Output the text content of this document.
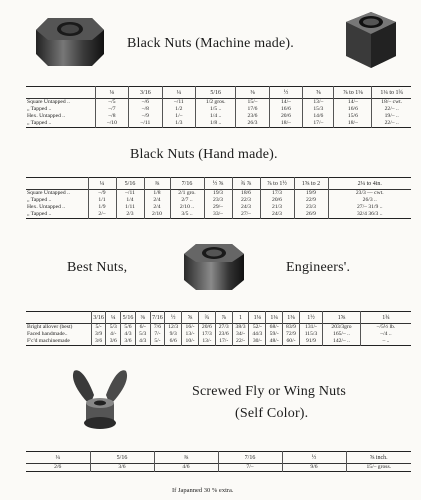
Black Nuts (Machine made).
	⅛	3/16	¼	5/16	⅜	½	⅝	⅞ to 1⅛	1¼ to 1¾
Square Untapped ..	–/5	–/6	–/11	1/2 gros.	15/–	14/–	13/–	14/–	18/– cwt.
„ Tapped ..	–/7	–/8	1/2	1/5 ..	17/6	16/6	15/3	16/6	22/– ..
Hex. Untapped ..	–/8	–/9	1/–	1/4 ..	23/6	20/6	14/6	15/6	19/– ..
„ Tapped ..	–/10	–/11	1/3	1/8 ..	26/3	18/–	17/–	18/–	22/– ..
Black Nuts (Hand made).
	¼	5/16	⅜	7/16	½ ⅝	¾ ⅞	⅞ to 1½	1⅝ to 2	2¼ to 4in.
Square Untapped ..	–/9	–/11	1/8	2/1 gro.	19/3	18/6	17/3	19/9	23/3 — cwt.
„ Tapped ..	1/1	1/4	2/4	2/7 ..	23/3	22/3	20/6	22/9	26/3 ..
Hex. Untapped ..	1/9	1/11	2/4	2/10 ..	29/–	24/3	21/3	23/3	27/– 31/9 ..
„ Tapped ..	2/–	2/3	2/10	3/5 ..	33/–	27/–	24/3	26/9	32/4 36/3 ..
Best Nuts,	Engineers'.
	3/16	¼	5/16	⅜	7/16	½	⅝	¾	⅞	1	1⅛	1¼	1⅜	1½	1⅝	1¾
Bright allover (best)	5/-	5/3	5/6	6/-	7/6	12/3	16/-	20/6	27/3	38/3	52/-	68/-	83/9	131/-	203/3gro	–/5½ lb.
Faced handmade..	3/9	4/-	4/3	5/3	7/-	9/3	13/-	17/3	23/6	34/-	44/3	59/-	72/9	115/3	165/– ..	–/4 ..
F'c'd machinemade	3/6	3/6	3/6	4/3	5/-	6/6	10/-	13/-	17/-	22/-	30/-	48/-	60/-	91/9	142/– ..	– ..
Screwed Fly or Wing Nuts
(Self Color).
¼	5/16	⅜	7/16	½	⅝ inch.
2/6	3/6	4/6	7/–	9/6	15/– gross.
If Japanned 30 % extra.
